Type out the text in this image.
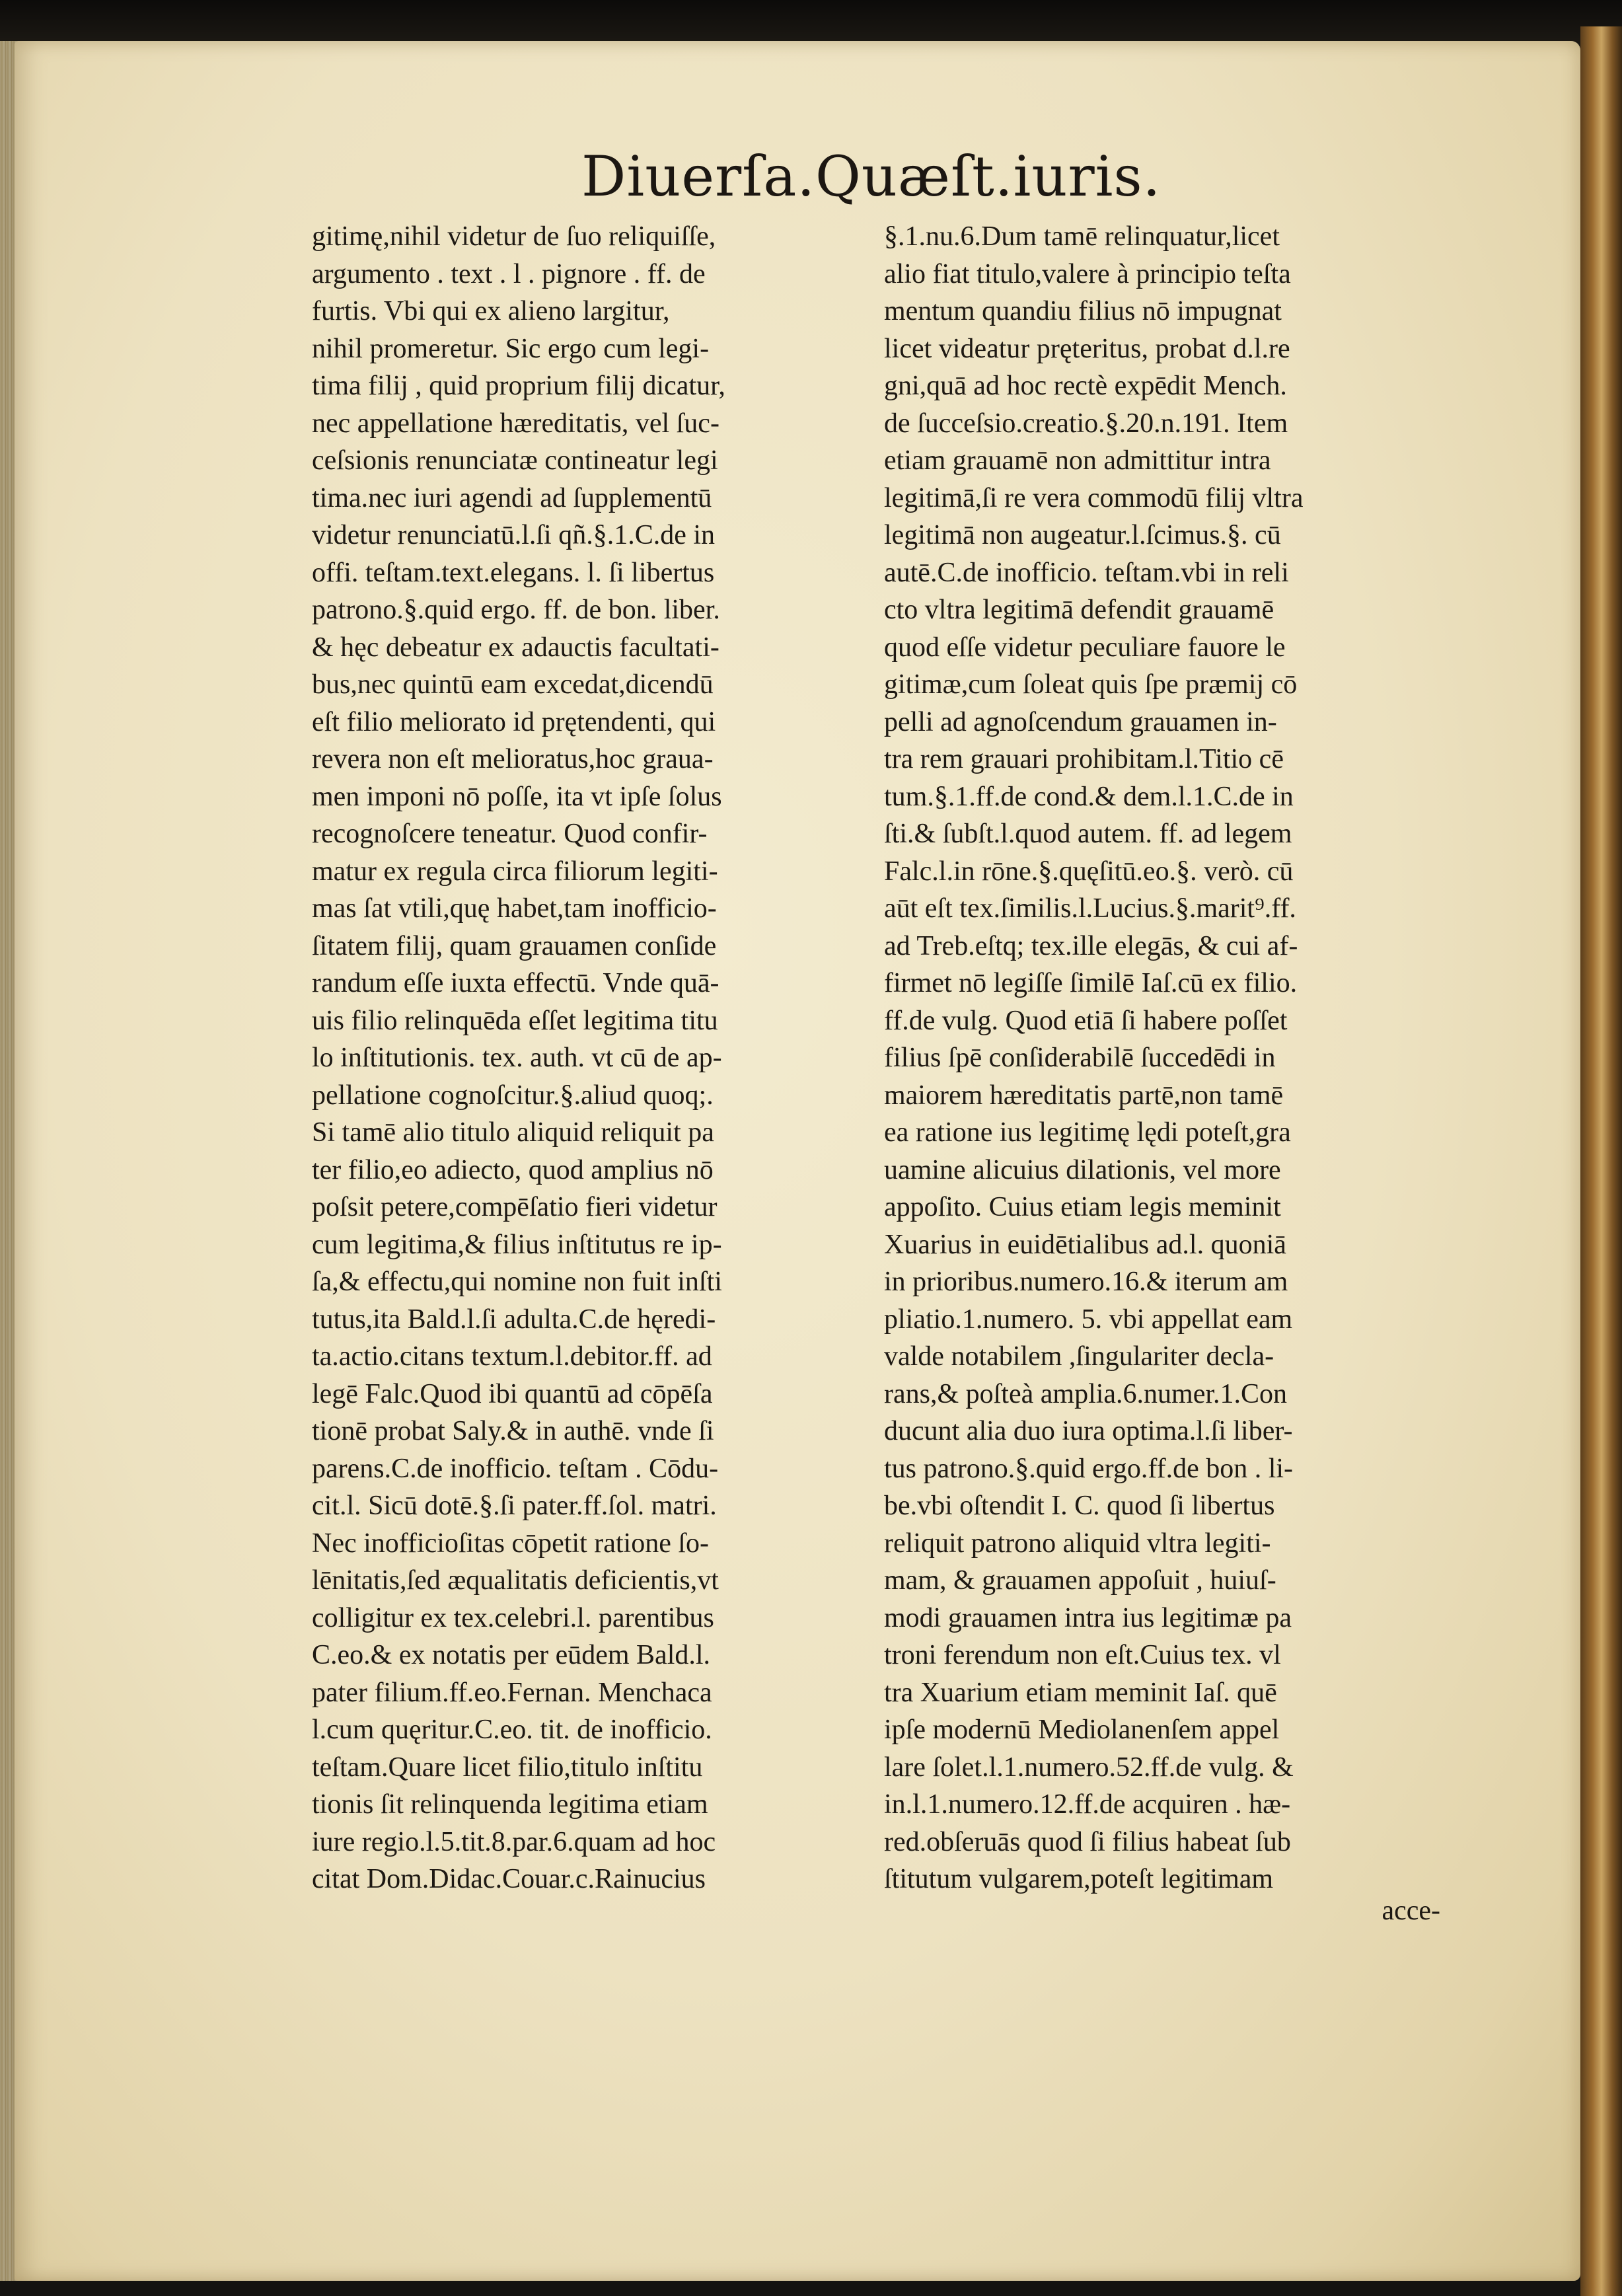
Diuerſa.Quæſt.iuris.
gitimę,nihil videtur de ſuo reliquiſſe,
argumento . text . l . pignore . ff. de
furtis. Vbi qui ex alieno largitur,
nihil promeretur. Sic ergo cum legi-
tima filij , quid proprium filij dicatur,
nec appellatione hæreditatis, vel ſuc-
ceſsionis renunciatæ contineatur legi
tima.nec iuri agendi ad ſupplementū
videtur renunciatū.l.ſi qñ.§.1.C.de in
offi. teſtam.text.elegans. l. ſi libertus
patrono.§.quid ergo. ff. de bon. liber.
& hęc debeatur ex adauctis facultati-
bus,nec quintū eam excedat,dicendū
eſt filio meliorato id prętendenti, qui
revera non eſt melioratus,hoc graua-
men imponi nō poſſe, ita vt ipſe ſolus
recognoſcere teneatur. Quod confir-
matur ex regula circa filiorum legiti-
mas ſat vtili,quę habet,tam inofficio-
ſitatem filij, quam grauamen conſide
randum eſſe iuxta effectū. Vnde quā-
uis filio relinquēda eſſet legitima titu
lo inſtitutionis. tex. auth. vt cū de ap-
pellatione cognoſcitur.§.aliud quoq;.
Si tamē alio titulo aliquid reliquit pa
ter filio,eo adiecto, quod amplius nō
poſsit petere,compēſatio fieri videtur
cum legitima,& filius inſtitutus re ip-
ſa,& effectu,qui nomine non fuit inſti
tutus,ita Bald.l.ſi adulta.C.de hęredi-
ta.actio.citans textum.l.debitor.ff. ad
legē Falc.Quod ibi quantū ad cōpēſa
tionē probat Saly.& in authē. vnde ſi
parens.C.de inofficio. teſtam . Cōdu-
cit.l. Sicū dotē.§.ſi pater.ff.ſol. matri.
Nec inofficioſitas cōpetit ratione ſo-
lēnitatis,ſed æqualitatis deficientis,vt
colligitur ex tex.celebri.l. parentibus
C.eo.& ex notatis per eūdem Bald.l.
pater filium.ff.eo.Fernan. Menchaca
l.cum quęritur.C.eo. tit. de inofficio.
teſtam.Quare licet filio,titulo inſtitu
tionis ſit relinquenda legitima etiam
iure regio.l.5.tit.8.par.6.quam ad hoc
citat Dom.Didac.Couar.c.Rainucius
§.1.nu.6.Dum tamē relinquatur,licet
alio fiat titulo,valere à principio teſta
mentum quandiu filius nō impugnat
licet videatur pręteritus, probat d.l.re
gni,quā ad hoc rectè expēdit Mench.
de ſucceſsio.creatio.§.20.n.191. Item
etiam grauamē non admittitur intra
legitimā,ſi re vera commodū filij vltra
legitimā non augeatur.l.ſcimus.§. cū
autē.C.de inofficio. teſtam.vbi in reli
cto vltra legitimā defendit grauamē
quod eſſe videtur peculiare fauore le
gitimæ,cum ſoleat quis ſpe præmij cō
pelli ad agnoſcendum grauamen in-
tra rem grauari prohibitam.l.Titio cē
tum.§.1.ff.de cond.& dem.l.1.C.de in
ſti.& ſubſt.l.quod autem. ff. ad legem
Falc.l.in rōne.§.quęſitū.eo.§. verò. cū
aūt eſt tex.ſimilis.l.Lucius.§.marit⁹.ff.
ad Treb.eſtq; tex.ille elegās, & cui af-
firmet nō legiſſe ſimilē Iaſ.cū ex filio.
ff.de vulg. Quod etiā ſi habere poſſet
filius ſpē conſiderabilē ſuccedēdi in
maiorem hæreditatis partē,non tamē
ea ratione ius legitimę lędi poteſt,gra
uamine alicuius dilationis, vel more
appoſito. Cuius etiam legis meminit
Xuarius in euidētialibus ad.l. quoniā
in prioribus.numero.16.& iterum am
pliatio.1.numero. 5. vbi appellat eam
valde notabilem ,ſingulariter decla-
rans,& poſteà amplia.6.numer.1.Con
ducunt alia duo iura optima.l.ſi liber-
tus patrono.§.quid ergo.ff.de bon . li-
be.vbi oſtendit I. C. quod ſi libertus
reliquit patrono aliquid vltra legiti-
mam, & grauamen appoſuit , huiuſ-
modi grauamen intra ius legitimæ pa
troni ferendum non eſt.Cuius tex. vl
tra Xuarium etiam meminit Iaſ. quē
ipſe modernū Mediolanenſem appel
lare ſolet.l.1.numero.52.ff.de vulg. &
in.l.1.numero.12.ff.de acquiren . hæ-
red.obſeruās quod ſi filius habeat ſub
ſtitutum vulgarem,poteſt legitimam
acce-
